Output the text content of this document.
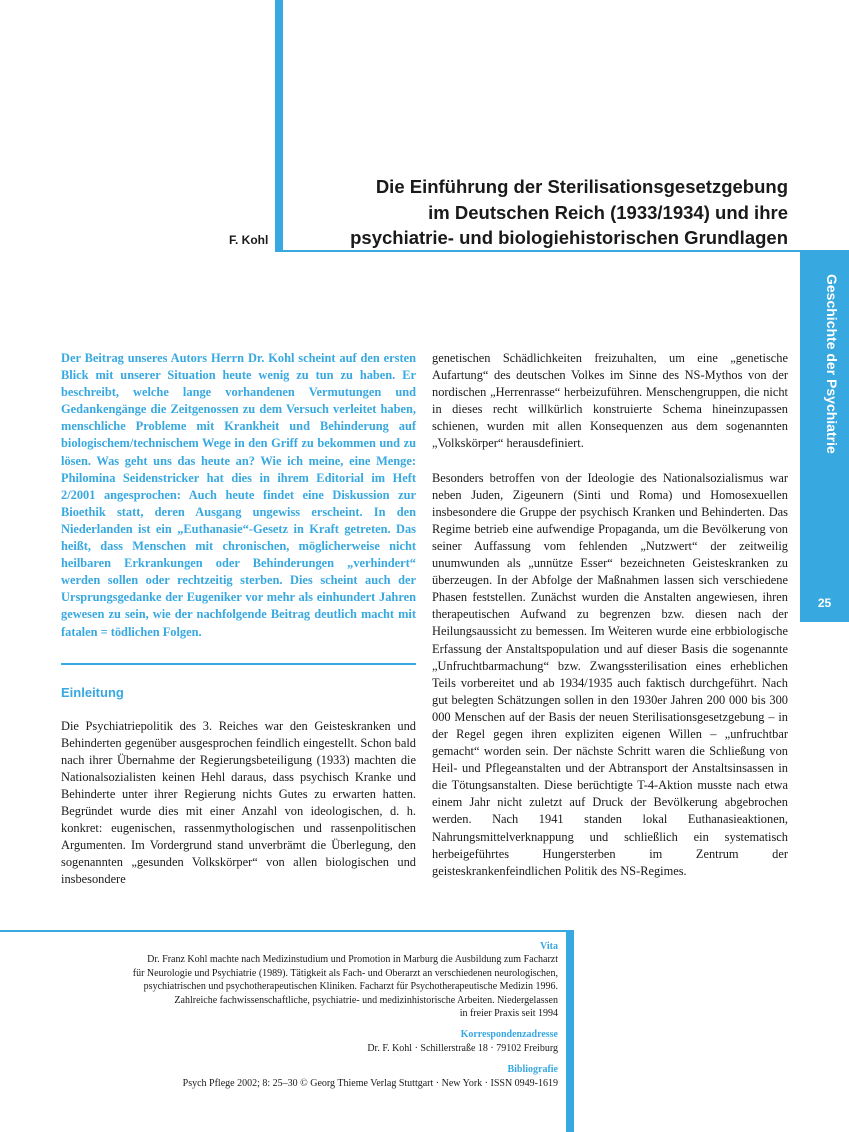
Geschichte der Psychiatrie
25
Die Einführung der Sterilisationsgesetzgebung
im Deutschen Reich (1933/1934) und ihre
psychiatrie- und biologiehistorischen Grundlagen
F. Kohl

Der Beitrag unseres Autors Herrn Dr. Kohl scheint auf den ersten Blick mit unserer Situation heute wenig zu tun zu haben. Er beschreibt, welche lange vorhandenen Vermutungen und Gedankengänge die Zeitgenossen zu dem Versuch verleitet haben, menschliche Probleme mit Krankheit und Behinderung auf biologischem/technischem Wege in den Griff zu bekommen und zu lösen. Was geht uns das heute an? Wie ich meine, eine Menge: Philomina Seidenstricker hat dies in ihrem Editorial im Heft 2/2001 angesprochen: Auch heute findet eine Diskussion zur Bioethik statt, deren Ausgang ungewiss erscheint. In den Niederlanden ist ein „Euthanasie“-Gesetz in Kraft getreten. Das heißt, dass Menschen mit chronischen, möglicherweise nicht heilbaren Erkrankungen oder Behinderungen „verhindert“ werden sollen oder rechtzeitig sterben. Dies scheint auch der Ursprungsgedanke der Eugeniker vor mehr als einhundert Jahren gewesen zu sein, wie der nachfolgende Beitrag deutlich macht mit fatalen = tödlichen Folgen.

Einleitung

Die Psychiatriepolitik des 3. Reiches war den Geisteskranken und Behinderten gegenüber ausgesprochen feindlich eingestellt. Schon bald nach ihrer Übernahme der Regierungsbeteiligung (1933) machten die Nationalsozialisten keinen Hehl daraus, dass psychisch Kranke und Behinderte unter ihrer Regierung nichts Gutes zu erwarten hatten. Begründet wurde dies mit einer Anzahl von ideologischen, d. h. konkret: eugenischen, rassenmythologischen und rassenpolitischen Argumenten. Im Vordergrund stand unverbrämt die Überlegung, den sogenannten „gesunden Volkskörper“ von allen biologischen und insbesondere

genetischen Schädlichkeiten freizuhalten, um eine „genetische Aufartung“ des deutschen Volkes im Sinne des NS-Mythos von der nordischen „Herrenrasse“ herbeizuführen. Menschengruppen, die nicht in dieses recht willkürlich konstruierte Schema hineinzupassen schienen, wurden mit allen Konsequenzen aus dem sogenannten „Volkskörper“ herausdefiniert.

Besonders betroffen von der Ideologie des Nationalsozialismus war neben Juden, Zigeunern (Sinti und Roma) und Homosexuellen insbesondere die Gruppe der psychisch Kranken und Behinderten. Das Regime betrieb eine aufwendige Propaganda, um die Bevölkerung von seiner Auffassung vom fehlenden „Nutzwert“ der zeitweilig unumwunden als „unnütze Esser“ bezeichneten Geisteskranken zu überzeugen. In der Abfolge der Maßnahmen lassen sich verschiedene Phasen feststellen. Zunächst wurden die Anstalten angewiesen, ihren therapeutischen Aufwand zu begrenzen bzw. diesen nach der Heilungsaussicht zu bemessen. Im Weiteren wurde eine erbbiologische Erfassung der Anstaltspopulation und auf dieser Basis die sogenannte „Unfruchtbarmachung“ bzw. Zwangssterilisation eines erheblichen Teils vorbereitet und ab 1934/1935 auch faktisch durchgeführt. Nach gut belegten Schätzungen sollen in den 1930er Jahren 200 000 bis 300 000 Menschen auf der Basis der neuen Sterilisationsgesetzgebung – in der Regel gegen ihren expliziten eigenen Willen – „unfruchtbar gemacht“ worden sein. Der nächste Schritt waren die Schließung von Heil- und Pflegeanstalten und der Abtransport der Anstaltsinsassen in die Tötungsanstalten. Diese berüchtigte T-4-Aktion musste nach etwa einem Jahr nicht zuletzt auf Druck der Bevölkerung abgebrochen werden. Nach 1941 standen lokal Euthanasieaktionen, Nahrungsmittelverknappung und schließlich ein systematisch herbeigeführtes Hungersterben im Zentrum der geisteskrankenfeindlichen Politik des NS-Regimes.

Vita
Dr. Franz Kohl machte nach Medizinstudium und Promotion in Marburg die Ausbildung zum Facharzt
für Neurologie und Psychiatrie (1989). Tätigkeit als Fach- und Oberarzt an verschiedenen neurologischen,
psychiatrischen und psychotherapeutischen Kliniken. Facharzt für Psychotherapeutische Medizin 1996.
Zahlreiche fachwissenschaftliche, psychiatrie- und medizinhistorische Arbeiten. Niedergelassen
in freier Praxis seit 1994
Korrespondenzadresse
Dr. F. Kohl · Schillerstraße 18 · 79102 Freiburg
Bibliografie
Psych Pflege 2002; 8: 25–30 © Georg Thieme Verlag Stuttgart · New York · ISSN 0949-1619
